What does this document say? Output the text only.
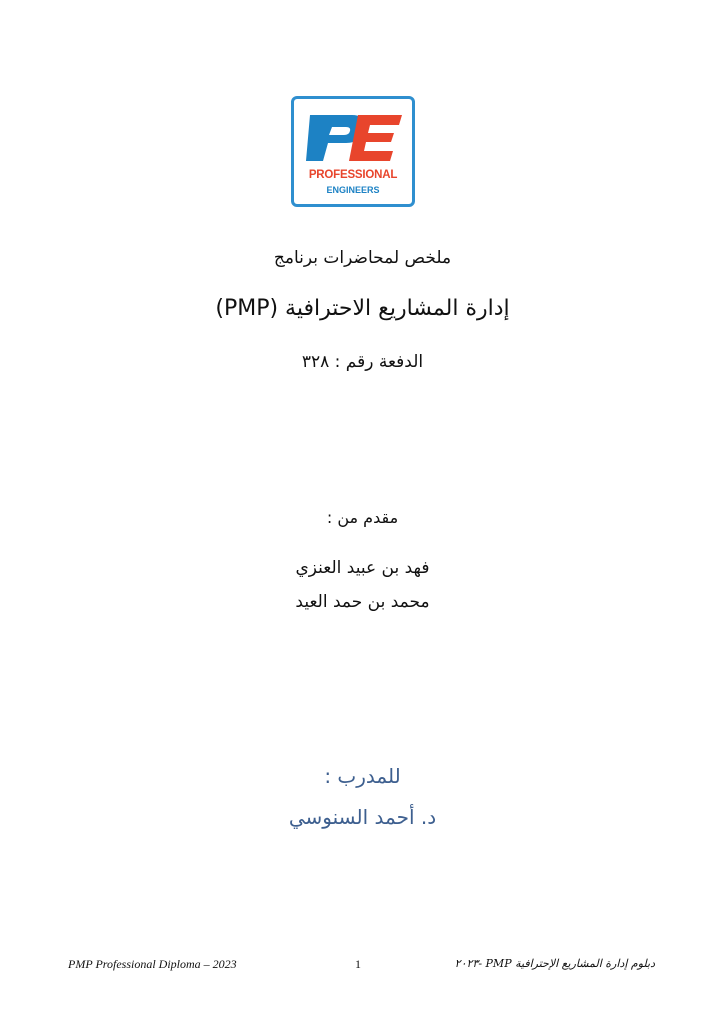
PROFESSIONAL
ENGINEERS
ملخص لمحاضرات برنامج
إدارة المشاريع الاحترافية (PMP)
الدفعة رقم : ٣٢٨
مقدم من :
فهد بن عبيد العنزي
محمد بن حمد العيد
للمدرب :
د. أحمد السنوسي
PMP Professional Diploma – 2023	1	دبلوم إدارة المشاريع الإحترافية PMP -٢٠٢٣
